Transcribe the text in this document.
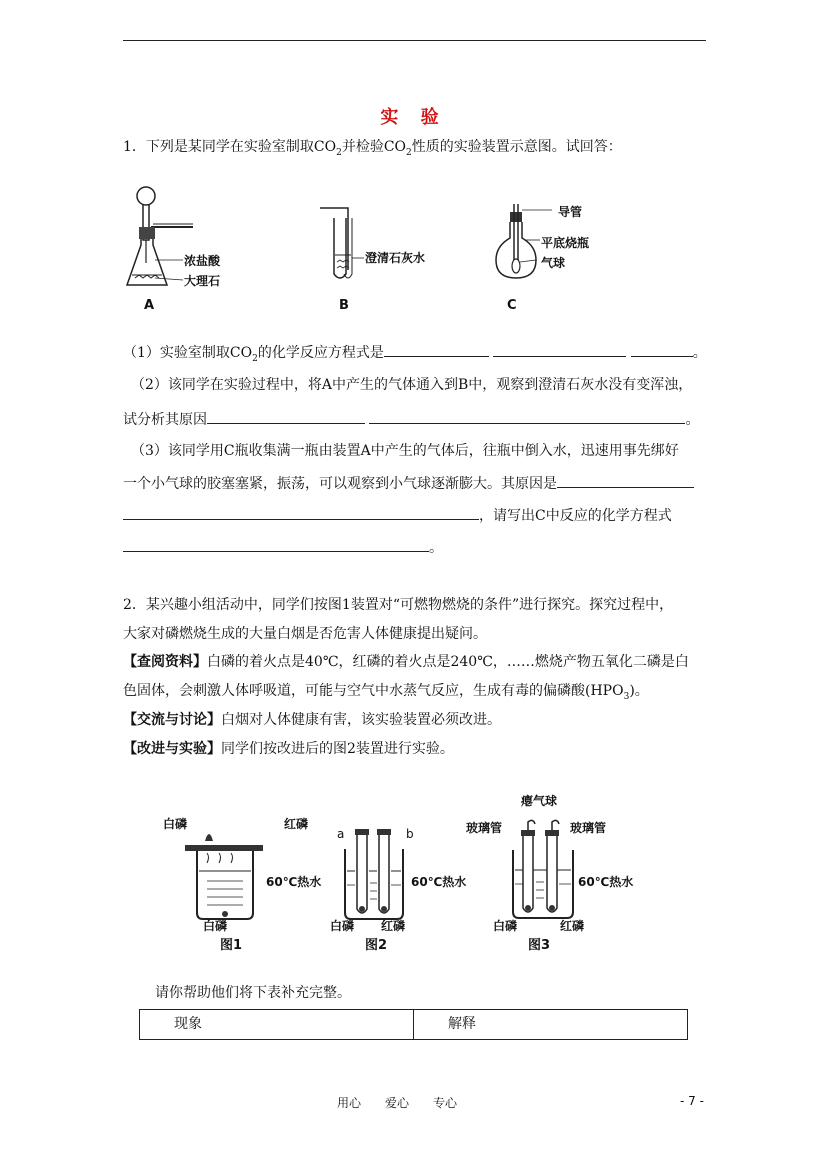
实 验
1．下列是某同学在实验室制取$CO_2$并检验$CO_2$性质的实验装置示意图。试回答：
浓盐酸
大理石
A
澄清石灰水
B
导管
平底烧瓶
气球
C
（1）实验室制取$CO_2$的化学反应方程式是	。
（2）该同学在实验过程中，将A中产生的气体通入到B中，观察到澄清石灰水没有变浑浊，
试分析其原因	。
（3）该同学用C瓶收集满一瓶由装置A中产生的气体后，往瓶中倒入水，迅速用事先绑好
一个小气球的胶塞塞紧，振荡，可以观察到小气球逐渐膨大。其原因是
，请写出C中反应的化学方程式
。
2．某兴趣小组活动中，同学们按图1装置对“可燃物燃烧的条件”进行探究。探究过程中，
大家对磷燃烧生成的大量白烟是否危害人体健康提出疑问。
【查阅资料】白磷的着火点是40℃，红磷的着火点是240℃，……燃烧产物五氧化二磷是白
色固体，会刺激人体呼吸道，可能与空气中水蒸气反应，生成有毒的偏磷酸$(HPO_3)$。
【交流与讨论】白烟对人体健康有害，该实验装置必须改进。
【改进与实验】同学们按改进后的图2装置进行实验。
白磷	红磷
60℃热水
白磷
图1
a	b
60℃热水
白磷 红磷
图2
瘪气球
玻璃管	玻璃管
60℃热水
白磷	红磷
图3
请你帮助他们将下表补充完整。
现象	解释
用心　　爱心　　专心	- 7 -
